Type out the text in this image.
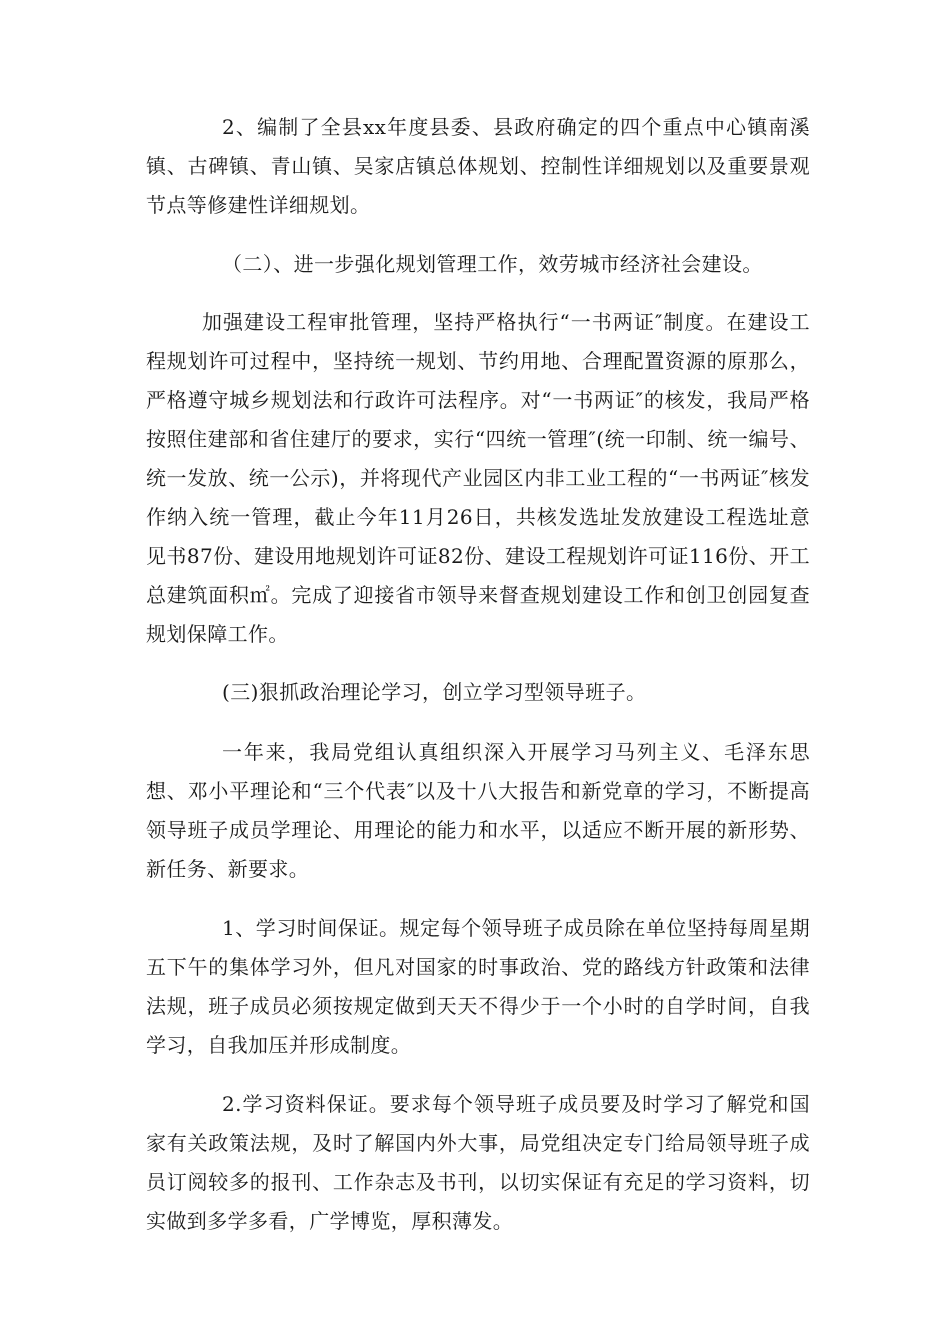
2、编制了全县xx年度县委、县政府确定的四个重点中心镇南溪镇、古碑镇、青山镇、吴家店镇总体规划、控制性详细规划以及重要景观节点等修建性详细规划。

（二）、进一步强化规划管理工作，效劳城市经济社会建设。

加强建设工程审批管理，坚持严格执行“一书两证″制度。在建设工程规划许可过程中，坚持统一规划、节约用地、合理配置资源的原那么，严格遵守城乡规划法和行政许可法程序。对“一书两证″的核发，我局严格按照住建部和省住建厅的要求，实行“四统一管理″(统一印制、统一编号、统一发放、统一公示)，并将现代产业园区内非工业工程的“一书两证″核发作纳入统一管理，截止今年11月26日，共核发选址发放建设工程选址意见书87份、建设用地规划许可证82份、建设工程规划许可证116份、开工总建筑面积㎡。完成了迎接省市领导来督查规划建设工作和创卫创园复查规划保障工作。

(三)狠抓政治理论学习，创立学习型领导班子。

一年来，我局党组认真组织深入开展学习马列主义、毛泽东思想、邓小平理论和“三个代表″以及十八大报告和新党章的学习，不断提高领导班子成员学理论、用理论的能力和水平，以适应不断开展的新形势、新任务、新要求。

1、学习时间保证。规定每个领导班子成员除在单位坚持每周星期五下午的集体学习外，但凡对国家的时事政治、党的路线方针政策和法律法规，班子成员必须按规定做到天天不得少于一个小时的自学时间，自我学习，自我加压并形成制度。

2.学习资料保证。要求每个领导班子成员要及时学习了解党和国家有关政策法规，及时了解国内外大事，局党组决定专门给局领导班子成员订阅较多的报刊、工作杂志及书刊，以切实保证有充足的学习资料，切实做到多学多看，广学博览，厚积薄发。
